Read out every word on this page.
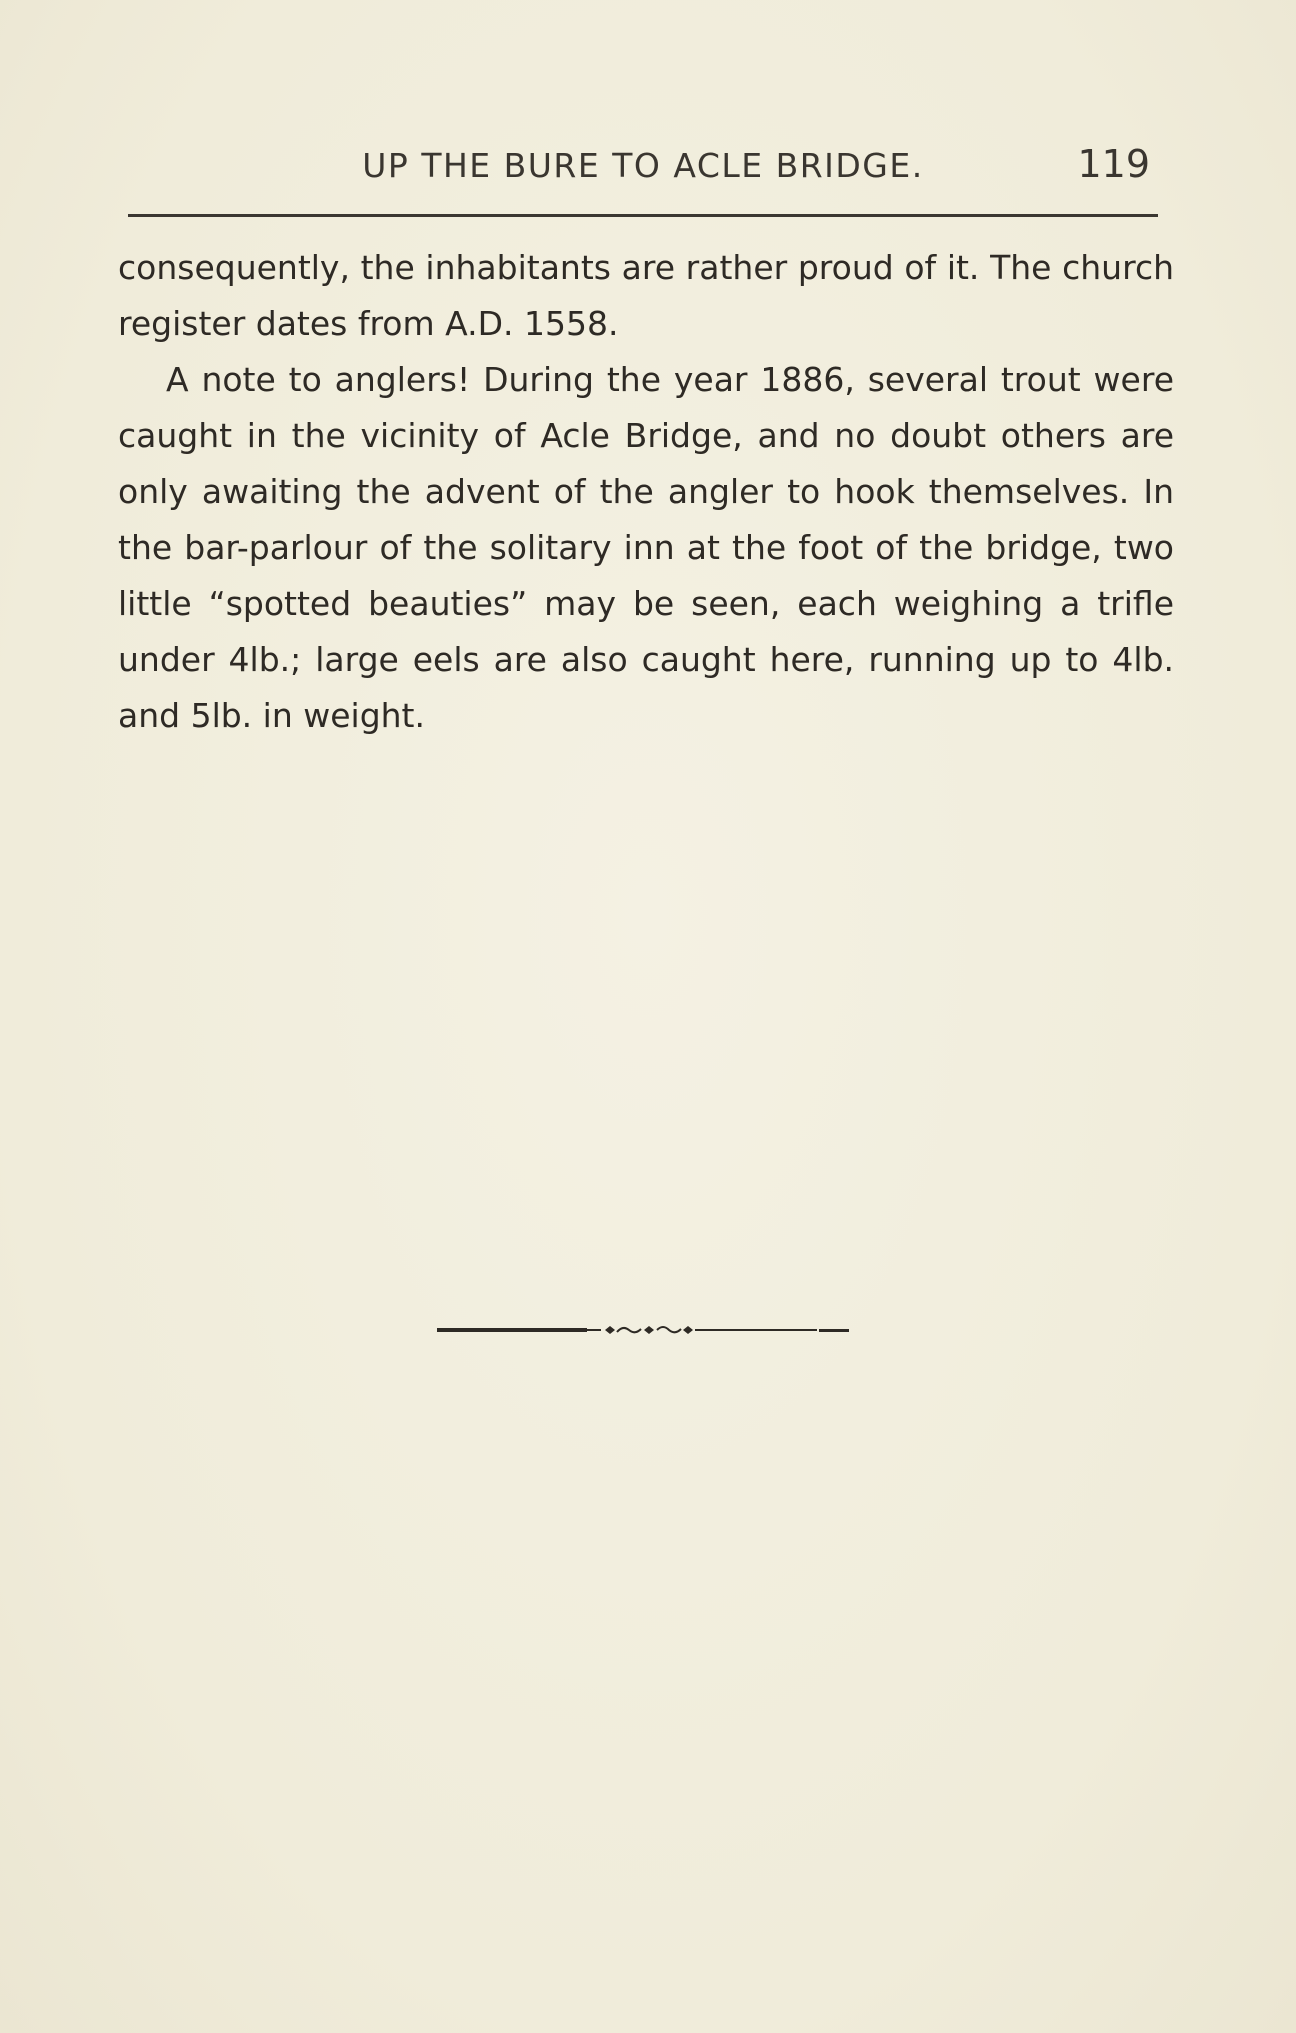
UP THE BURE TO ACLE BRIDGE.	119

consequently, the inhabitants are rather proud of it. The church register dates from A.D. 1558.

A note to anglers! During the year 1886, several trout were caught in the vicinity of Acle Bridge, and no doubt others are only awaiting the advent of the angler to hook themselves. In the bar-parlour of the solitary inn at the foot of the bridge, two little “spotted beauties” may be seen, each weighing a trifle under 4lb.; large eels are also caught here, running up to 4lb. and 5lb. in weight.
